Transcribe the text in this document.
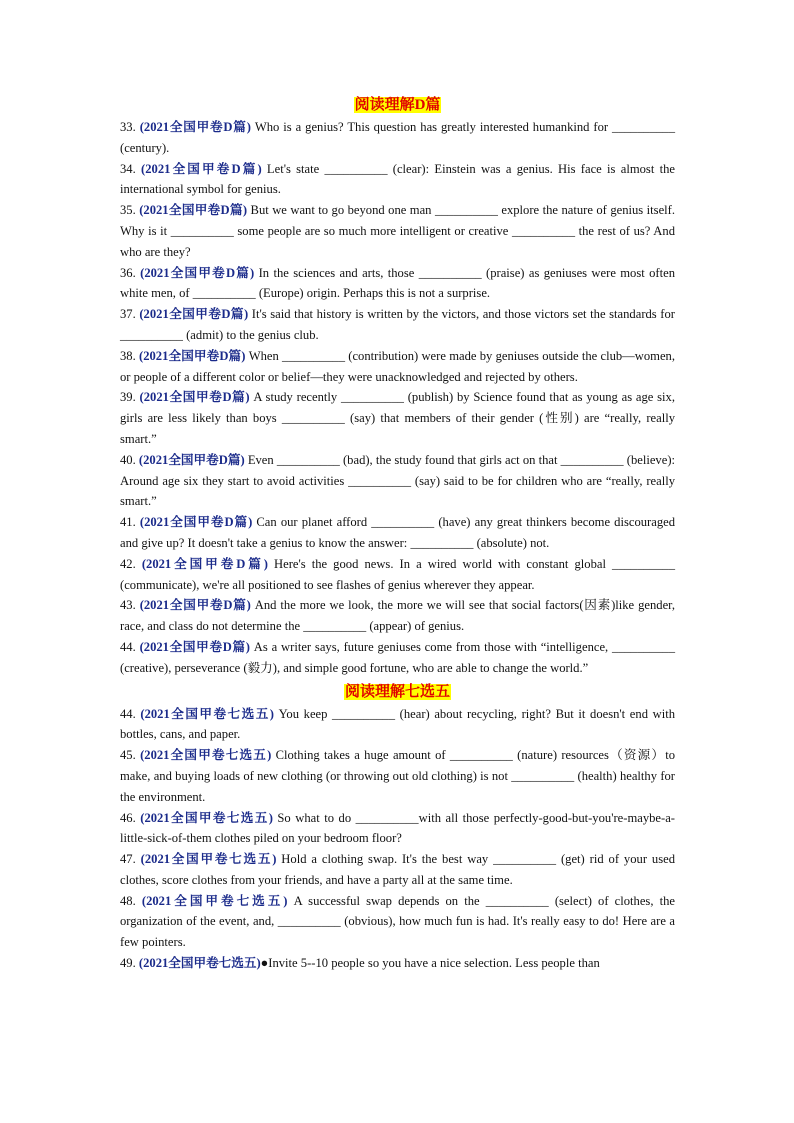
阅读理解D篇

33. (2021全国甲卷D篇) Who is a genius? This question has greatly interested humankind for __________ (century).

34. (2021全国甲卷D篇) Let's state __________ (clear): Einstein was a genius. His face is almost the international symbol for genius.

35. (2021全国甲卷D篇) But we want to go beyond one man __________ explore the nature of genius itself. Why is it __________ some people are so much more intelligent or creative __________ the rest of us? And who are they?

36. (2021全国甲卷D篇) In the sciences and arts, those __________ (praise) as geniuses were most often white men, of __________ (Europe) origin. Perhaps this is not a surprise.

37. (2021全国甲卷D篇) It's said that history is written by the victors, and those victors set the standards for __________ (admit) to the genius club.

38. (2021全国甲卷D篇) When __________ (contribution) were made by geniuses outside the club—women, or people of a different color or belief—they were unacknowledged and rejected by others.

39. (2021全国甲卷D篇) A study recently __________ (publish) by Science found that as young as age six, girls are less likely than boys __________ (say) that members of their gender (性别) are “really, really smart.”

40. (2021全国甲卷D篇) Even __________ (bad), the study found that girls act on that __________ (believe): Around age six they start to avoid activities __________ (say) said to be for children who are “really, really smart.”

41. (2021全国甲卷D篇) Can our planet afford __________ (have) any great thinkers become discouraged and give up? It doesn't take a genius to know the answer: __________ (absolute) not.

42. (2021全国甲卷D篇) Here's the good news. In a wired world with constant global __________ (communicate), we're all positioned to see flashes of genius wherever they appear.

43. (2021全国甲卷D篇) And the more we look, the more we will see that social factors(因素)like gender, race, and class do not determine the __________ (appear) of genius.

44. (2021全国甲卷D篇) As a writer says, future geniuses come from those with “intelligence, __________ (creative), perseverance (毅力), and simple good fortune, who are able to change the world.”

阅读理解七选五

44. (2021全国甲卷七选五) You keep __________ (hear) about recycling, right? But it doesn't end with bottles, cans, and paper.

45. (2021全国甲卷七选五) Clothing takes a huge amount of __________ (nature) resources（资源）to make, and buying loads of new clothing (or throwing out old clothing) is not __________ (health) healthy for the environment.

46. (2021全国甲卷七选五) So what to do __________with all those perfectly-good-but-you're-maybe-a-little-sick-of-them clothes piled on your bedroom floor?

47. (2021全国甲卷七选五) Hold a clothing swap. It's the best way __________ (get) rid of your used clothes, score clothes from your friends, and have a party all at the same time.

48. (2021全国甲卷七选五) A successful swap depends on the __________ (select) of clothes, the organization of the event, and, __________ (obvious), how much fun is had. It's really easy to do! Here are a few pointers.

49. (2021全国甲卷七选五)●Invite 5--10 people so you have a nice selection. Less people than
